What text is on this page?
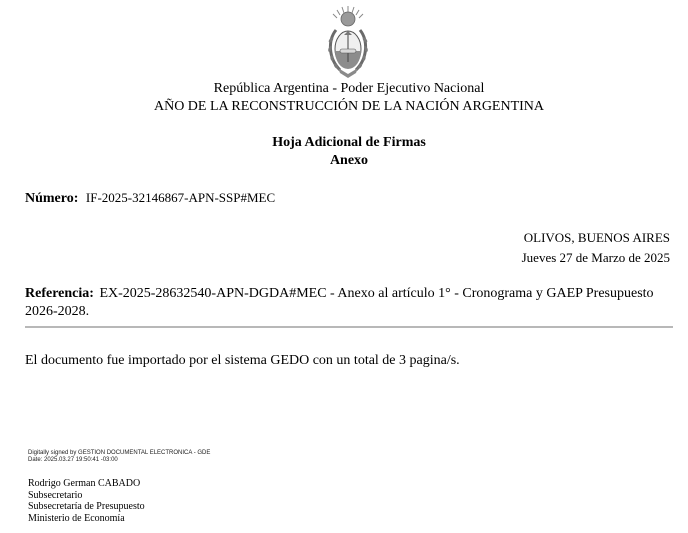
República Argentina - Poder Ejecutivo Nacional
AÑO DE LA RECONSTRUCCIÓN DE LA NACIÓN ARGENTINA
Hoja Adicional de Firmas
Anexo
Número: IF-2025-32146867-APN-SSP#MEC
OLIVOS, BUENOS AIRES
Jueves 27 de Marzo de 2025
Referencia: EX-2025-28632540-APN-DGDA#MEC - Anexo al artículo 1° - Cronograma y GAEP Presupuesto 2026-2028.
El documento fue importado por el sistema GEDO con un total de 3 pagina/s.
Digitally signed by GESTION DOCUMENTAL ELECTRONICA - GDE
Date: 2025.03.27 19:50:41 -03:00
Rodrigo German CABADO
Subsecretario
Subsecretaría de Presupuesto
Ministerio de Economía
